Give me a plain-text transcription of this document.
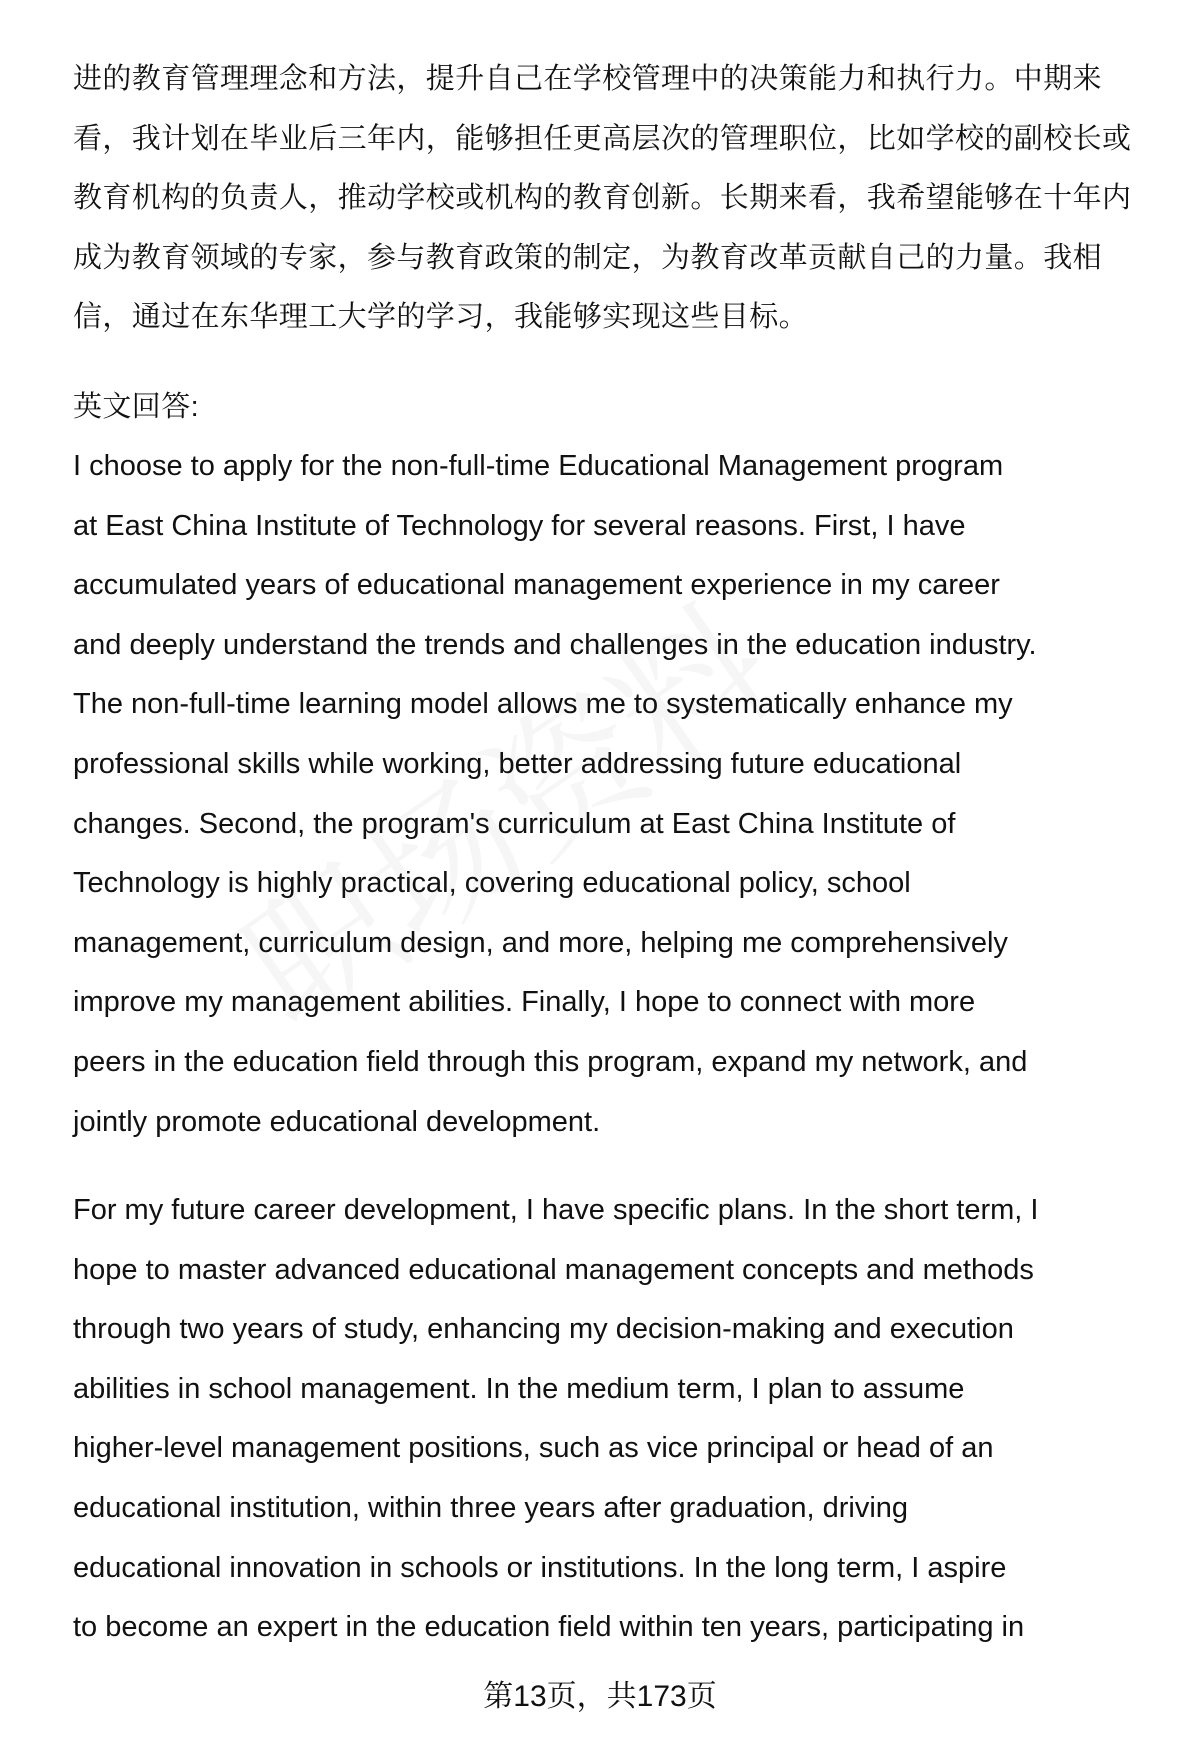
进的教育管理理念和方法，提升自己在学校管理中的决策能力和执行力。中期来
看，我计划在毕业后三年内，能够担任更高层次的管理职位，比如学校的副校长或
教育机构的负责人，推动学校或机构的教育创新。长期来看，我希望能够在十年内
成为教育领域的专家，参与教育政策的制定，为教育改革贡献自己的力量。我相
信，通过在东华理工大学的学习，我能够实现这些目标。
英文回答:
I choose to apply for the non-full-time Educational Management program
at East China Institute of Technology for several reasons. First, I have
accumulated years of educational management experience in my career
and deeply understand the trends and challenges in the education industry.
The non-full-time learning model allows me to systematically enhance my
professional skills while working, better addressing future educational
changes. Second, the program's curriculum at East China Institute of
Technology is highly practical, covering educational policy, school
management, curriculum design, and more, helping me comprehensively
improve my management abilities. Finally, I hope to connect with more
peers in the education field through this program, expand my network, and
jointly promote educational development.
For my future career development, I have specific plans. In the short term, I
hope to master advanced educational management concepts and methods
through two years of study, enhancing my decision-making and execution
abilities in school management. In the medium term, I plan to assume
higher-level management positions, such as vice principal or head of an
educational institution, within three years after graduation, driving
educational innovation in schools or institutions. In the long term, I aspire
to become an expert in the education field within ten years, participating in
第13页，共173页
